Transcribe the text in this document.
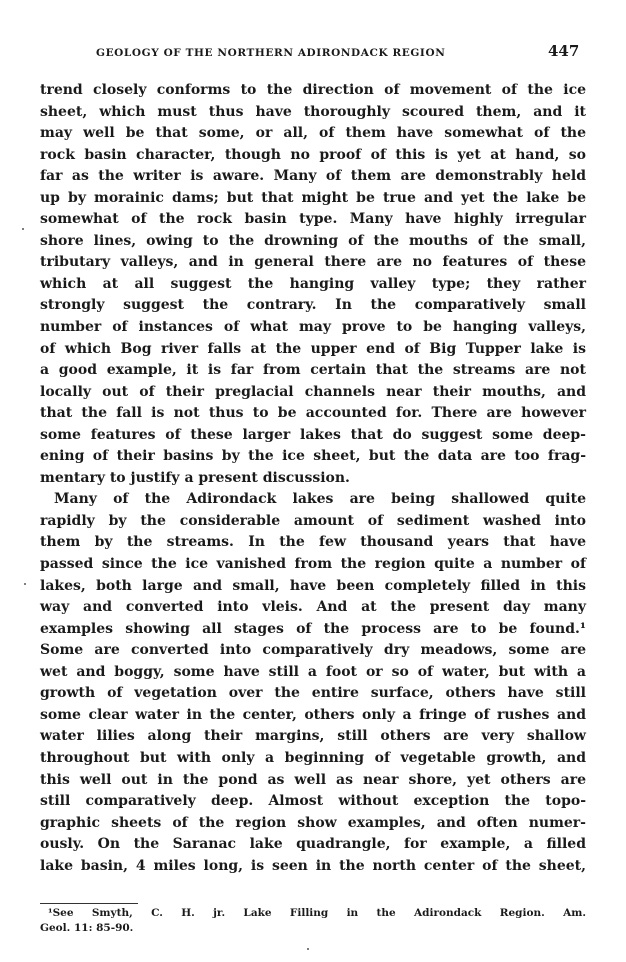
GEOLOGY OF THE NORTHERN ADIRONDACK REGION	447
trend closely conforms to the direction of movement of the ice
sheet, which must thus have thoroughly scoured them, and it
may well be that some, or all, of them have somewhat of the
rock basin character, though no proof of this is yet at hand, so
far as the writer is aware. Many of them are demonstrably held
up by morainic dams; but that might be true and yet the lake be
somewhat of the rock basin type. Many have highly irregular
shore lines, owing to the drowning of the mouths of the small,
tributary valleys, and in general there are no features of these
which at all suggest the hanging valley type; they rather
strongly suggest the contrary. In the comparatively small
number of instances of what may prove to be hanging valleys,
of which Bog river falls at the upper end of Big Tupper lake is
a good example, it is far from certain that the streams are not
locally out of their preglacial channels near their mouths, and
that the fall is not thus to be accounted for. There are however
some features of these larger lakes that do suggest some deep-
ening of their basins by the ice sheet, but the data are too frag-
mentary to justify a present discussion.
Many of the Adirondack lakes are being shallowed quite
rapidly by the considerable amount of sediment washed into
them by the streams. In the few thousand years that have
passed since the ice vanished from the region quite a number of
lakes, both large and small, have been completely filled in this
way and converted into vleis. And at the present day many
examples showing all stages of the process are to be found.¹
Some are converted into comparatively dry meadows, some are
wet and boggy, some have still a foot or so of water, but with a
growth of vegetation over the entire surface, others have still
some clear water in the center, others only a fringe of rushes and
water lilies along their margins, still others are very shallow
throughout but with only a beginning of vegetable growth, and
this well out in the pond as well as near shore, yet others are
still comparatively deep. Almost without exception the topo-
graphic sheets of the region show examples, and often numer-
ously. On the Saranac lake quadrangle, for example, a filled
lake basin, 4 miles long, is seen in the north center of the sheet,
¹See Smyth, C. H. jr. Lake Filling in the Adirondack Region. Am.
Geol. 11: 85-90.
